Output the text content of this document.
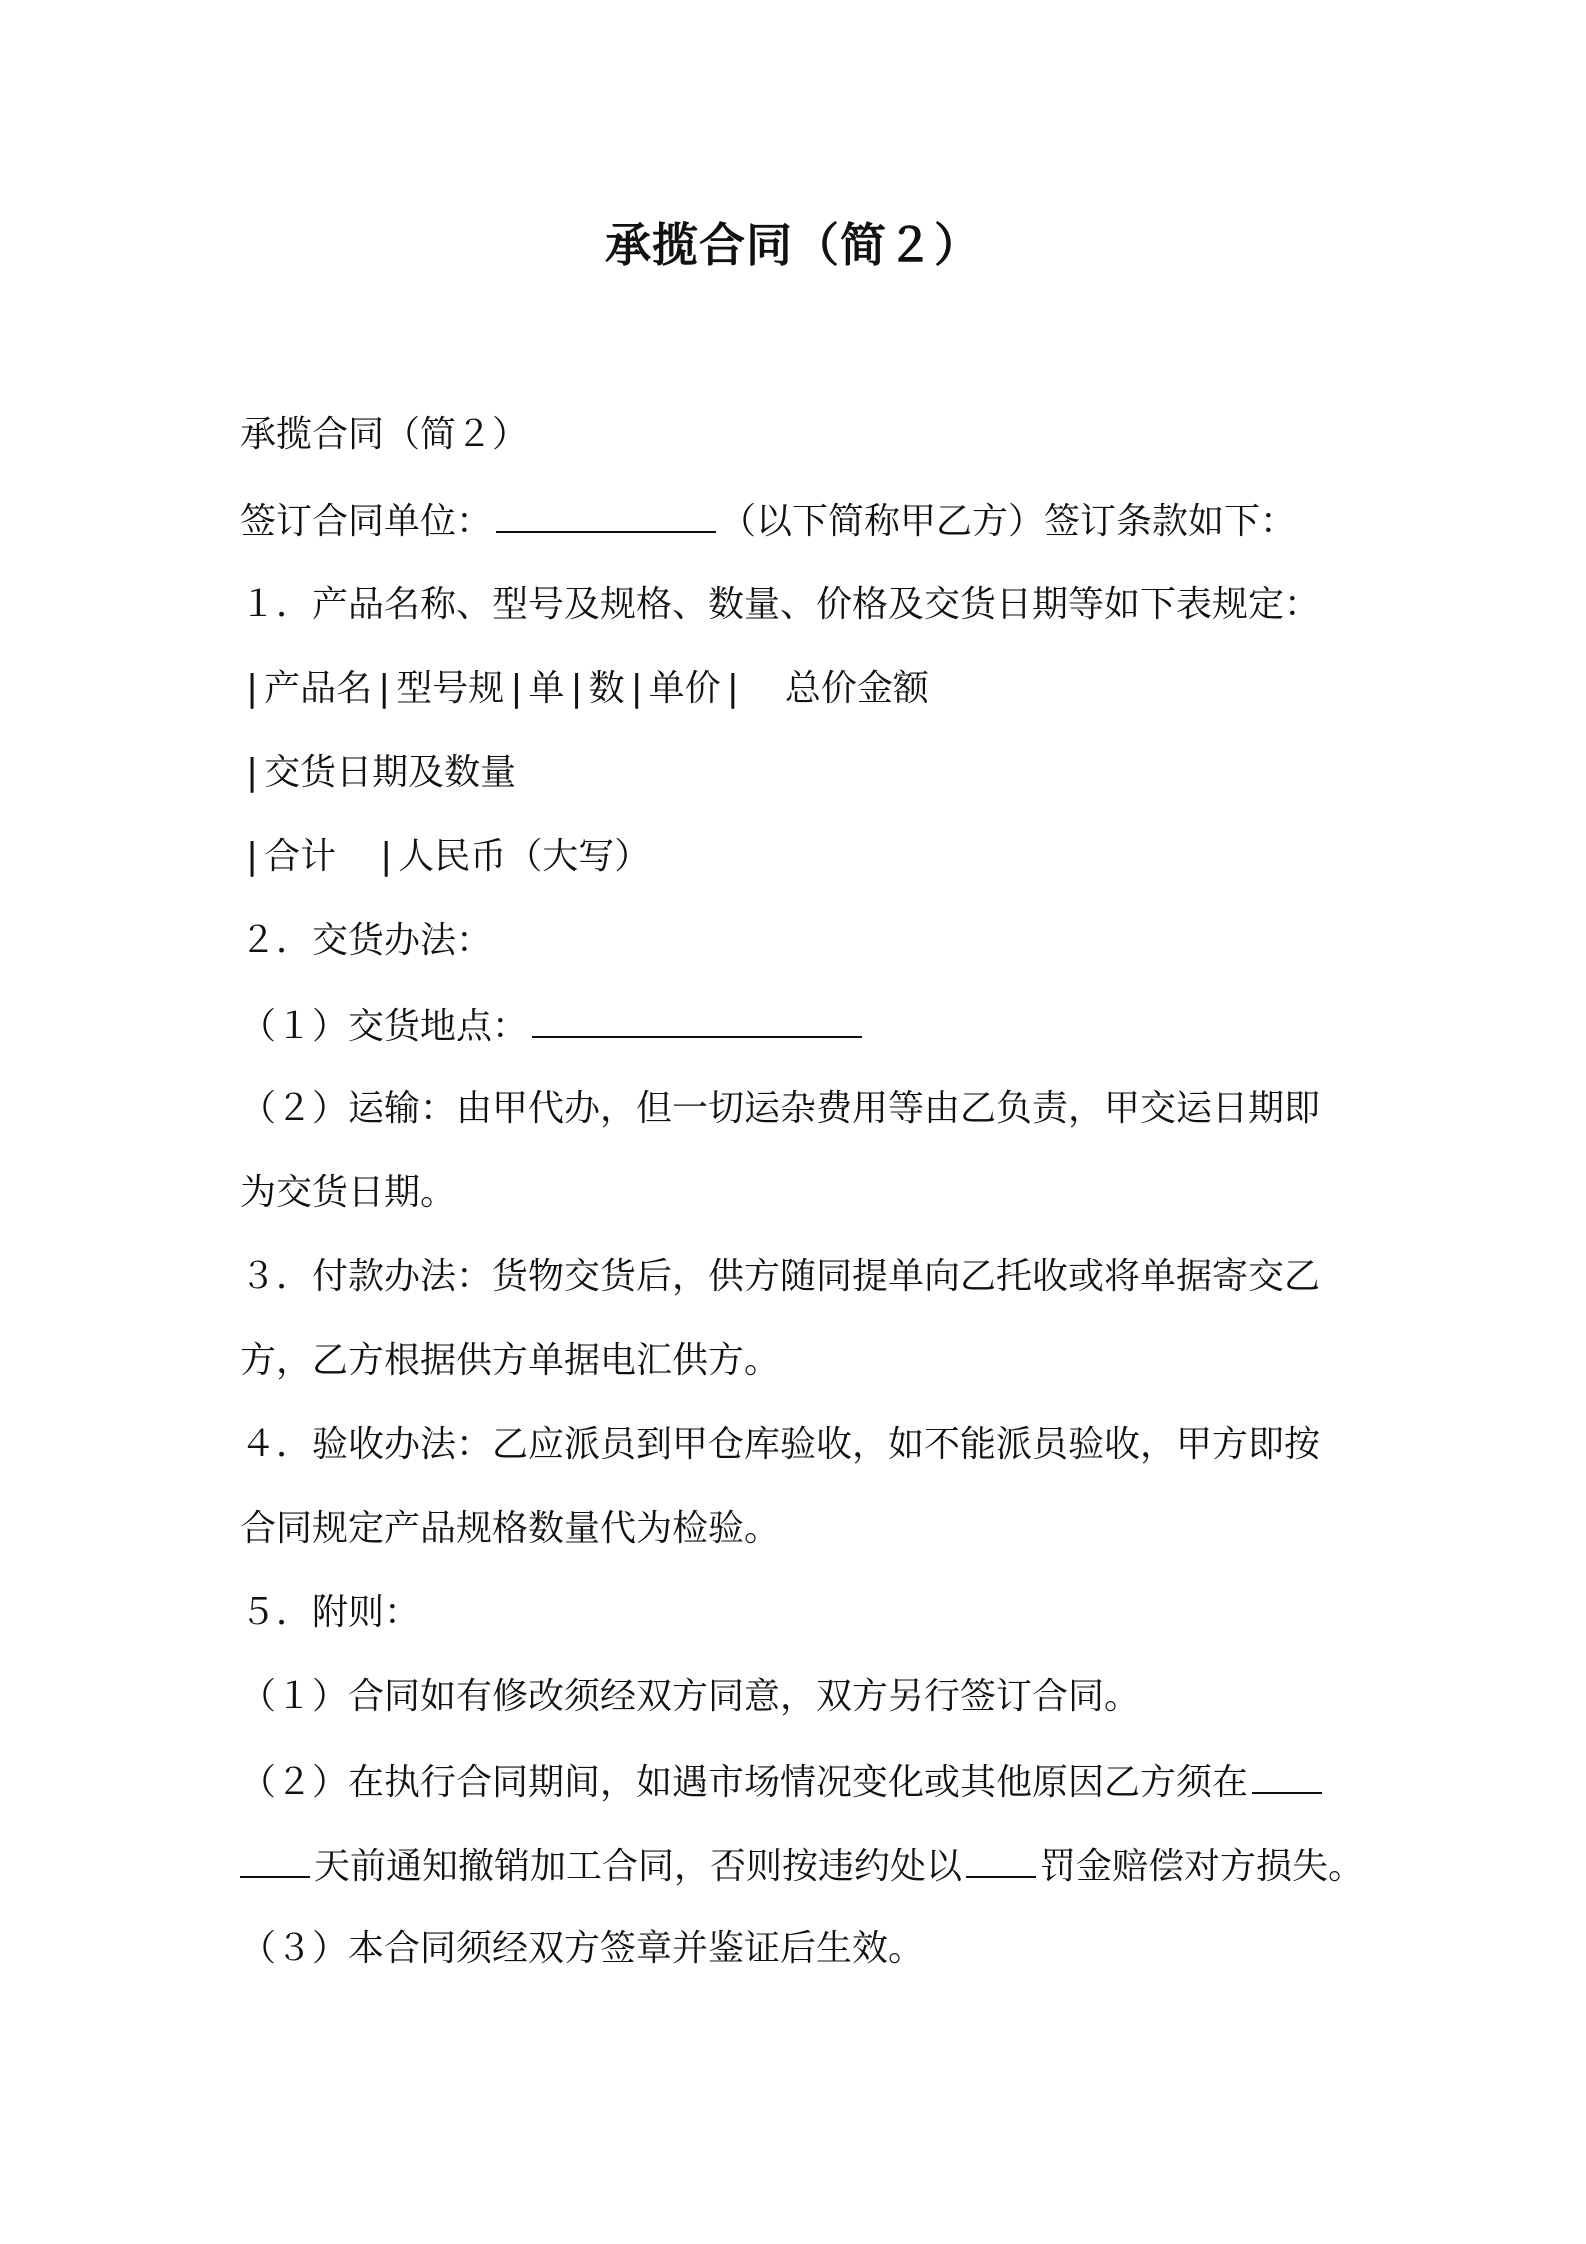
承揽合同（简２）
承揽合同（简２）
签订合同单位：	（以下简称甲乙方）签订条款如下：
１．产品名称、型号及规格、数量、价格及交货日期等如下表规定：
| 产品名 | 型号规 | 单 | 数 | 单价 | 总价金额
| 交货日期及数量
| 合计 | 人民币（大写）
２．交货办法：
（１）交货地点：
（２）运输：由甲代办，但一切运杂费用等由乙负责，甲交运日期即
为交货日期。
３．付款办法：货物交货后，供方随同提单向乙托收或将单据寄交乙
方，乙方根据供方单据电汇供方。
４．验收办法：乙应派员到甲仓库验收，如不能派员验收，甲方即按
合同规定产品规格数量代为检验。
５．附则：
（１）合同如有修改须经双方同意，双方另行签订合同。
（２）在执行合同期间，如遇市场情况变化或其他原因乙方须在
天前通知撤销加工合同，否则按违约处以 罚金赔偿对方损失。
（３）本合同须经双方签章并鉴证后生效。
